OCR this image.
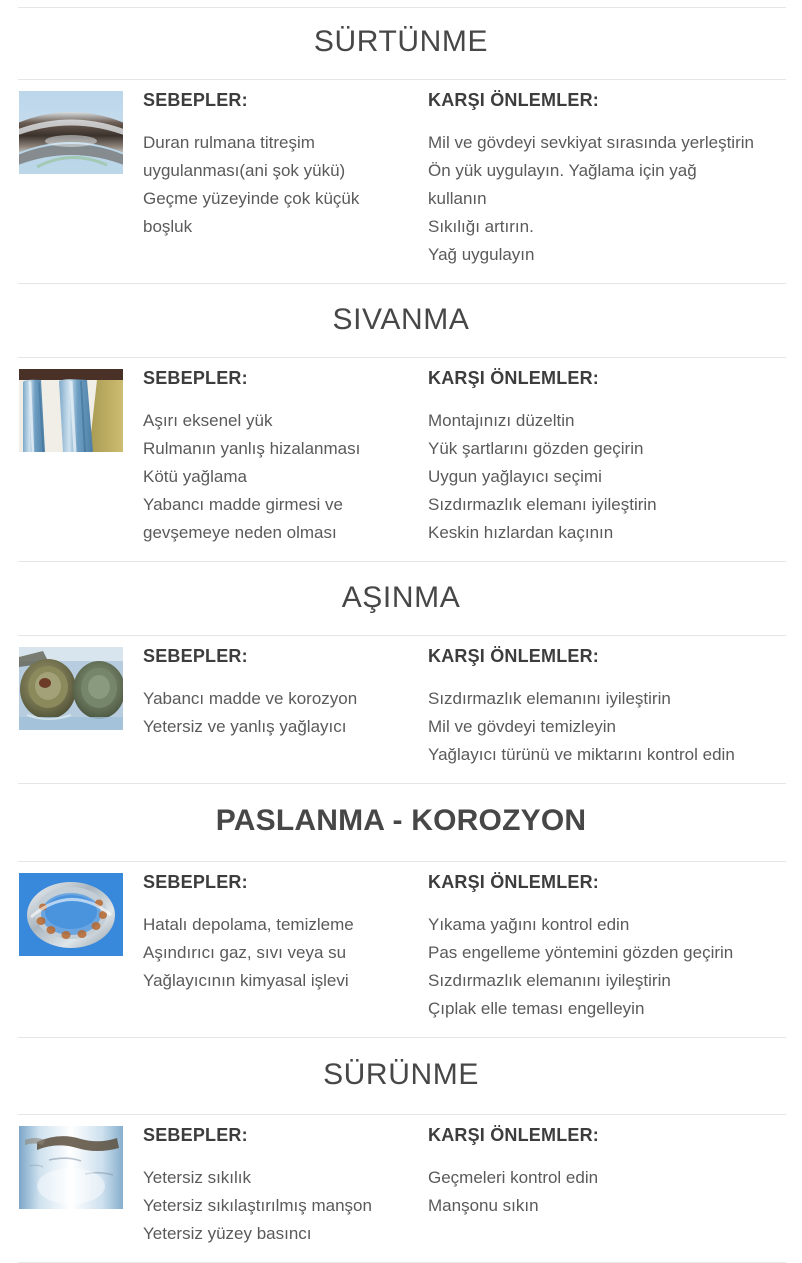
SÜRTÜNME
SEBEPLER:
Duran rulmana titreşim
uygulanması(ani şok yükü)
Geçme yüzeyinde çok küçük
boşluk
KARŞI ÖNLEMLER:
Mil ve gövdeyi sevkiyat sırasında yerleştirin
Ön yük uygulayın. Yağlama için yağ
kullanın
Sıkılığı artırın.
Yağ uygulayın
SIVANMA
SEBEPLER:
Aşırı eksenel yük
Rulmanın yanlış hizalanması
Kötü yağlama
Yabancı madde girmesi ve
gevşemeye neden olması
KARŞI ÖNLEMLER:
Montajınızı düzeltin
Yük şartlarını gözden geçirin
Uygun yağlayıcı seçimi
Sızdırmazlık elemanı iyileştirin
Keskin hızlardan kaçının
AŞINMA
SEBEPLER:
Yabancı madde ve korozyon
Yetersiz ve yanlış yağlayıcı
KARŞI ÖNLEMLER:
Sızdırmazlık elemanını iyileştirin
Mil ve gövdeyi temizleyin
Yağlayıcı türünü ve miktarını kontrol edin
PASLANMA - KOROZYON
SEBEPLER:
Hatalı depolama, temizleme
Aşındırıcı gaz, sıvı veya su
Yağlayıcının kimyasal işlevi
KARŞI ÖNLEMLER:
Yıkama yağını kontrol edin
Pas engelleme yöntemini gözden geçirin
Sızdırmazlık elemanını iyileştirin
Çıplak elle teması engelleyin
SÜRÜNME
SEBEPLER:
Yetersiz sıkılık
Yetersiz sıkılaştırılmış manşon
Yetersiz yüzey basıncı
KARŞI ÖNLEMLER:
Geçmeleri kontrol edin
Manşonu sıkın
